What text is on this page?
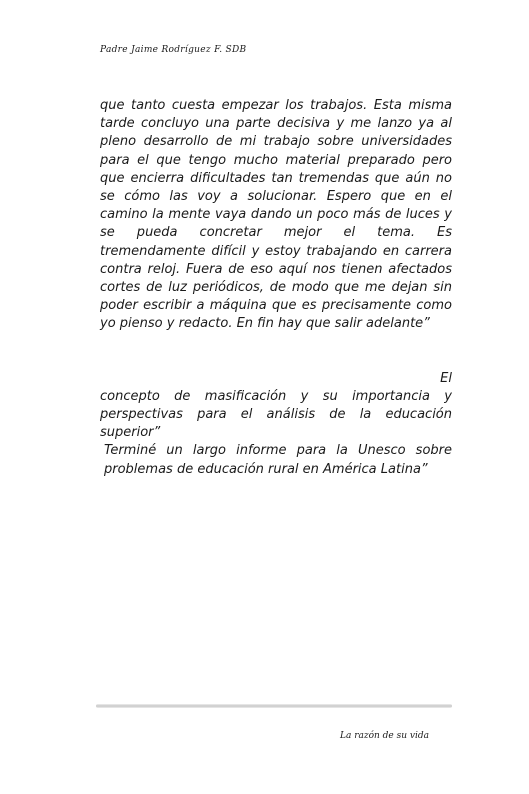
Padre Jaime Rodríguez F. SDB

que tanto cuesta empezar los trabajos. Esta misma tarde concluyo una parte decisiva y me lanzo ya al pleno desarrollo de mi trabajo sobre universidades para el que tengo mucho material preparado pero que encierra dificultades tan tremendas que aún no se cómo las voy a solucionar. Espero que en el camino la mente vaya dando un poco más de luces y se pueda concretar mejor el tema. Es tremendamente difícil y estoy trabajando en carrera contra reloj. Fuera de eso aquí nos tienen afectados cortes de luz periódicos, de modo que me dejan sin poder escribir a máquina que es precisamente como yo pienso y redacto. En fin hay que salir adelante”

El

concepto de masificación y su importancia y perspectivas para el análisis de la educación superior”

Terminé un largo informe para la Unesco sobre problemas de educación rural en América Latina”

La razón de su vida
